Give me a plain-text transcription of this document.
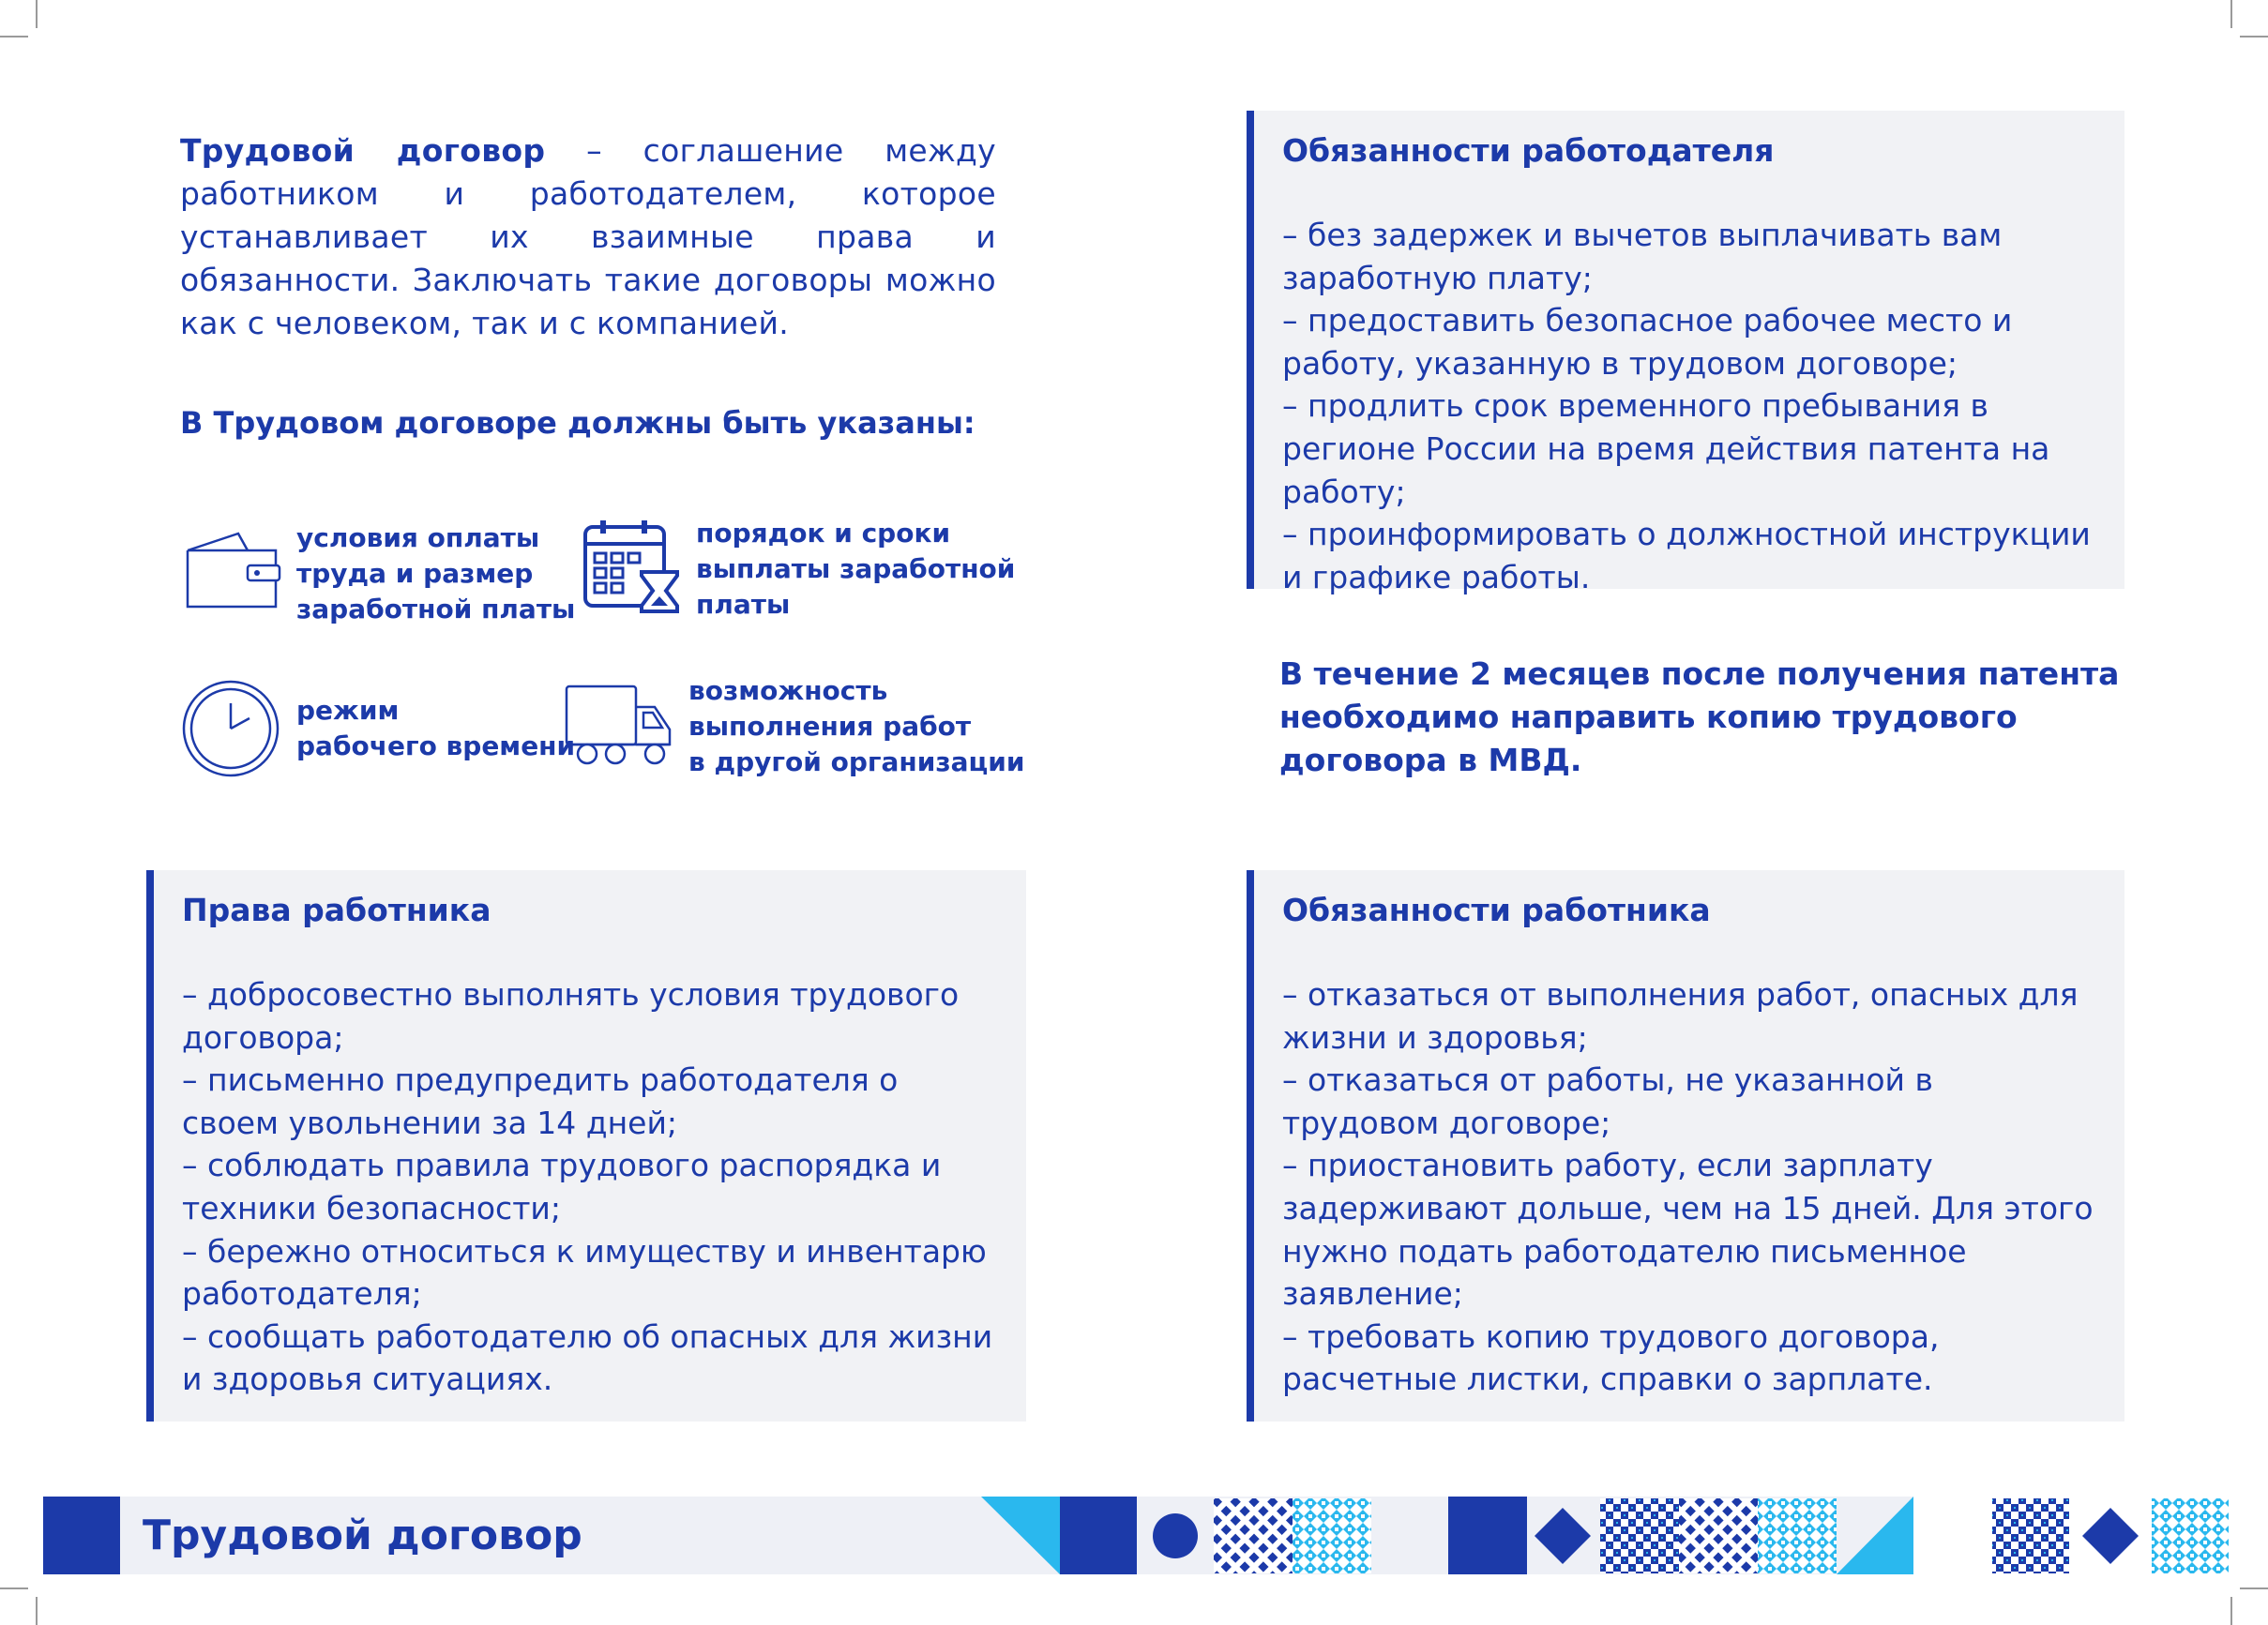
Трудовой договор – соглашение между работником и работодателем, которое устанавливает их взаимные права и обязанности. Заключать такие договоры можно как с человеком, так и с компанией.
В Трудовом договоре должны быть указаны:
условия оплаты
труда и размер
заработной платы
порядок и сроки
выплаты заработной
платы
режим
рабочего времени
возможность
выполнения работ
в другой организации
Обязанности работодателя
– без задержек и вычетов выплачивать вам заработную плату;
– предоставить безопасное рабочее место и работу, указанную в трудовом договоре;
– продлить срок временного пребывания в регионе России на время действия патента на работу;
– проинформировать о должностной инструкции и графике работы.
В течение 2 месяцев после получения патента необходимо направить копию трудового договора в МВД.
Права работника
– добросовестно выполнять условия трудового договора;
– письменно предупредить работодателя о своем увольнении за 14 дней;
– соблюдать правила трудового распорядка и техники безопасности;
– бережно относиться к имуществу и инвентарю работодателя;
– сообщать работодателю об опасных для жизни и здоровья ситуациях.
Обязанности работника
– отказаться от выполнения работ, опасных для жизни и здоровья;
– отказаться от работы, не указанной в трудовом договоре;
– приостановить работу, если зарплату задерживают дольше, чем на 15 дней. Для этого нужно подать работодателю письменное заявление;
– требовать копию трудового договора, расчетные листки, справки о зарплате.
Трудовой договор
